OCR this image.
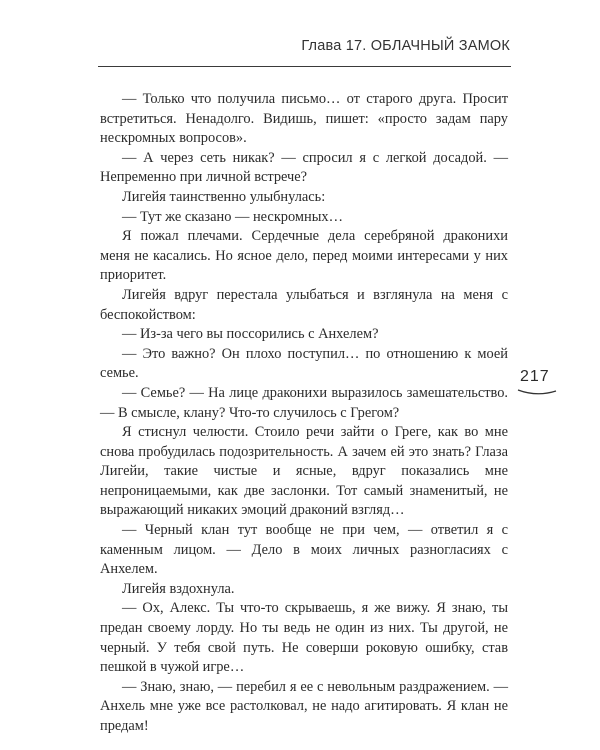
Глава 17. ОБЛАЧНЫЙ ЗАМОК

— Только что получила письмо… от старого друга. Просит встретиться. Ненадолго. Видишь, пишет: «просто задам пару нескромных вопросов».

— А через сеть никак? — спросил я с легкой досадой. — Непременно при личной встрече?

Лигейя таинственно улыбнулась:

— Тут же сказано — нескромных…

Я пожал плечами. Сердечные дела серебряной драконихи меня не касались. Но ясное дело, перед моими интересами у них приоритет.

Лигейя вдруг перестала улыбаться и взглянула на меня с беспокойством:

— Из-за чего вы поссорились с Анхелем?

— Это важно? Он плохо поступил… по отношению к моей семье.

— Семье? — На лице драконихи выразилось замешательство. — В смысле, клану? Что-то случилось с Грегом?

Я стиснул челюсти. Стоило речи зайти о Греге, как во мне снова пробудилась подозрительность. А зачем ей это знать? Глаза Лигейи, такие чистые и ясные, вдруг показались мне непроницаемыми, как две заслонки. Тот самый знаменитый, не выражающий никаких эмоций драконий взгляд…

— Черный клан тут вообще не при чем, — ответил я с каменным лицом. — Дело в моих личных разногласиях с Анхелем.

Лигейя вздохнула.

— Ох, Алекс. Ты что-то скрываешь, я же вижу. Я знаю, ты предан своему лорду. Но ты ведь не один из них. Ты другой, не черный. У тебя свой путь. Не соверши роковую ошибку, став пешкой в чужой игре…

— Знаю, знаю, — перебил я ее с невольным раздражением. — Анхель мне уже все растолковал, не надо агитировать. Я клан не предам!

217
